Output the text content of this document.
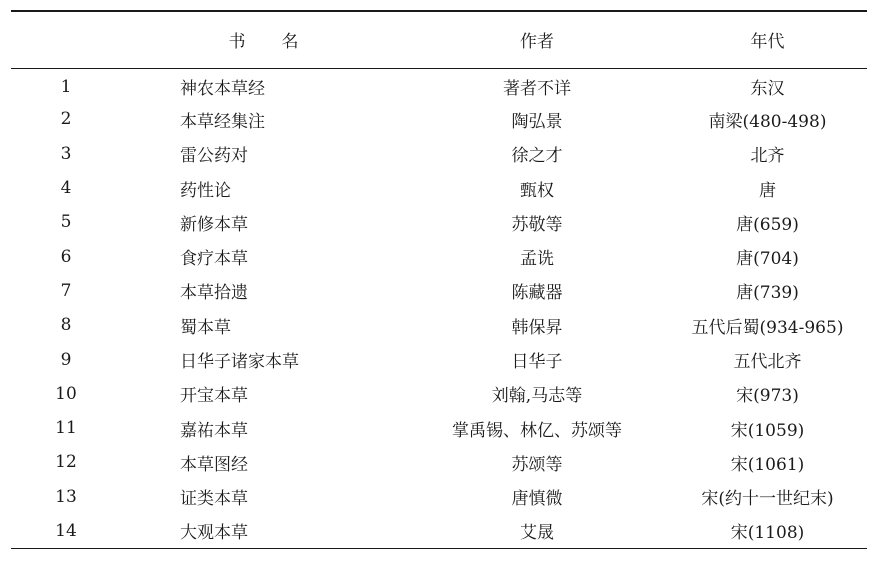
	书 名	作者	年代
1	神农本草经	著者不详	东汉
2	本草经集注	陶弘景	南梁(480-498)
3	雷公药对	徐之才	北齐
4	药性论	甄权	唐
5	新修本草	苏敬等	唐(659)
6	食疗本草	孟诜	唐(704)
7	本草拾遗	陈藏器	唐(739)
8	蜀本草	韩保昇	五代后蜀(934-965)
9	日华子诸家本草	日华子	五代北齐
10	开宝本草	刘翰,马志等	宋(973)
11	嘉祐本草	掌禹锡、林亿、苏颂等	宋(1059)
12	本草图经	苏颂等	宋(1061)
13	证类本草	唐慎微	宋(约十一世纪末)
14	大观本草	艾晟	宋(1108)
